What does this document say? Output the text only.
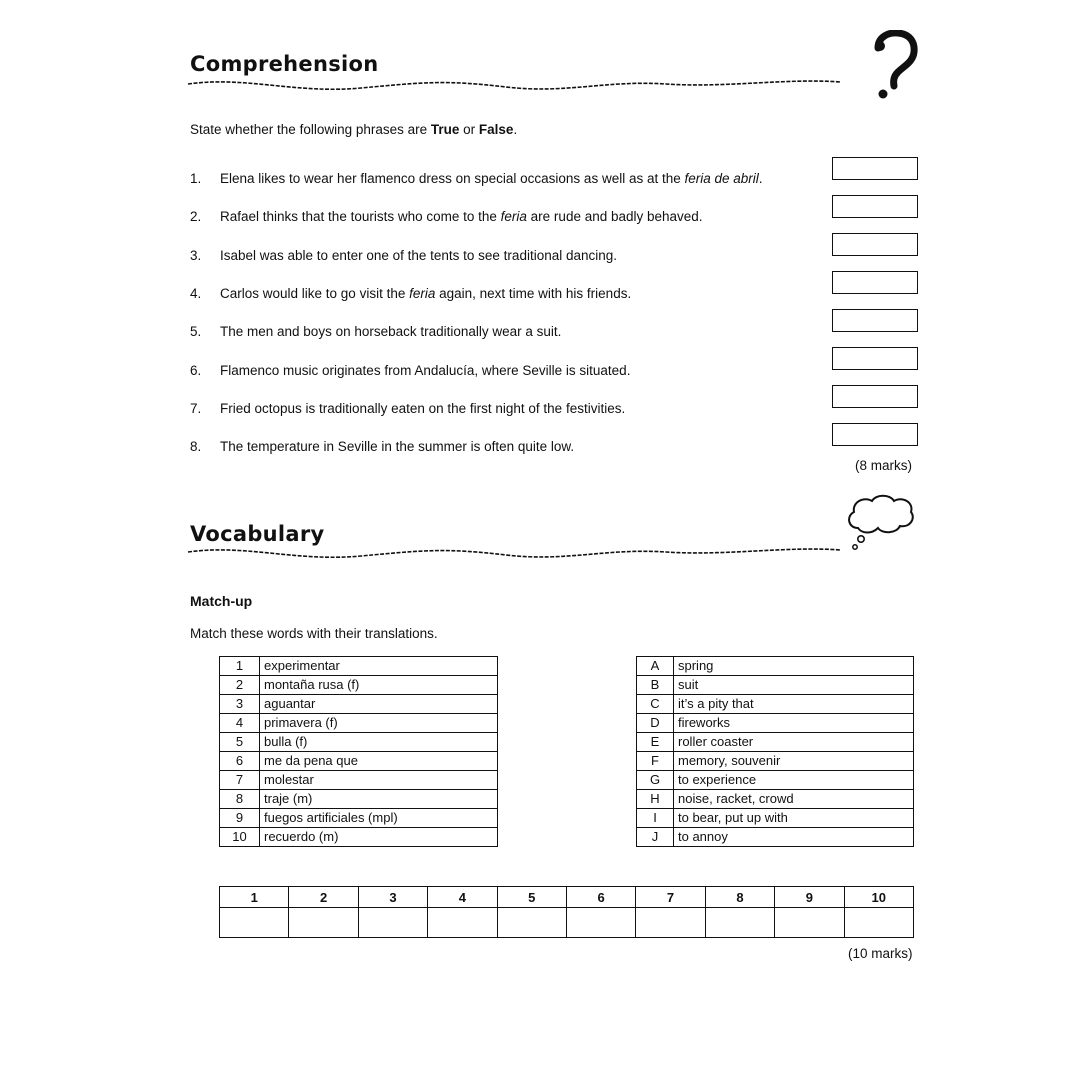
Comprehension
State whether the following phrases are True or False.
1.	Elena likes to wear her flamenco dress on special occasions as well as at the feria de abril.
2.	Rafael thinks that the tourists who come to the feria are rude and badly behaved.
3.	Isabel was able to enter one of the tents to see traditional dancing.
4.	Carlos would like to go visit the feria again, next time with his friends.
5.	The men and boys on horseback traditionally wear a suit.
6.	Flamenco music originates from Andalucía, where Seville is situated.
7.	Fried octopus is traditionally eaten on the first night of the festivities.
8.	The temperature in Seville in the summer is often quite low.
(8 marks)
Vocabulary
Match-up
Match these words with their translations.
1	experimentar
2	montaña rusa (f)
3	aguantar
4	primavera (f)
5	bulla (f)
6	me da pena que
7	molestar
8	traje (m)
9	fuegos artificiales (mpl)
10	recuerdo (m)
A	spring
B	suit
C	it’s a pity that
D	fireworks
E	roller coaster
F	memory, souvenir
G	to experience
H	noise, racket, crowd
I	to bear, put up with
J	to annoy
1	2	3	4	5	6	7	8	9	10

(10 marks)
